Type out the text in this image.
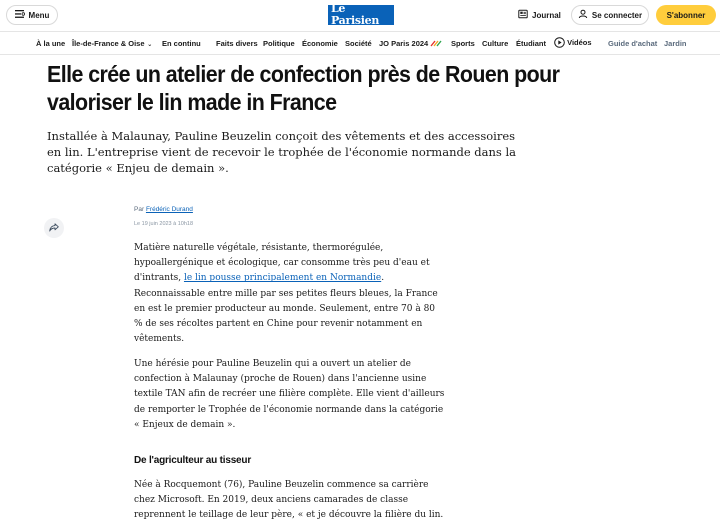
Menu	Le Parisien	Journal	Se connecter	S'abonner
À la une Île-de-France & Oise ⌄ En continu Faits divers Politique Économie Société JO Paris 2024	Sports Culture Étudiant	Vidéos Guide d'achat Jardin
Elle crée un atelier de confection près de Rouen pour valoriser le lin made in France

Installée à Malaunay, Pauline Beuzelin conçoit des vêtements et des accessoires en lin. L'entreprise vient de recevoir le trophée de l'économie normande dans la catégorie « Enjeu de demain ».

Par Frédéric Durand
Le 19 juin 2023 à 10h18

Matière naturelle végétale, résistante, thermorégulée, hypoallergénique et écologique, car consomme très peu d'eau et d'intrants, le lin pousse principalement en Normandie. Reconnaissable entre mille par ses petites fleurs bleues, la France en est le premier producteur au monde. Seulement, entre 70 à 80 % de ses récoltes partent en Chine pour revenir notamment en vêtements.

Une hérésie pour Pauline Beuzelin qui a ouvert un atelier de confection à Malaunay (proche de Rouen) dans l'ancienne usine textile TAN afin de recréer une filière complète. Elle vient d'ailleurs de remporter le Trophée de l'économie normande dans la catégorie « Enjeux de demain ».

De l'agriculteur au tisseur

Née à Rocquemont (76), Pauline Beuzelin commence sa carrière chez Microsoft. En 2019, deux anciens camarades de classe reprennent le teillage de leur père, « et je découvre la filière du lin.
